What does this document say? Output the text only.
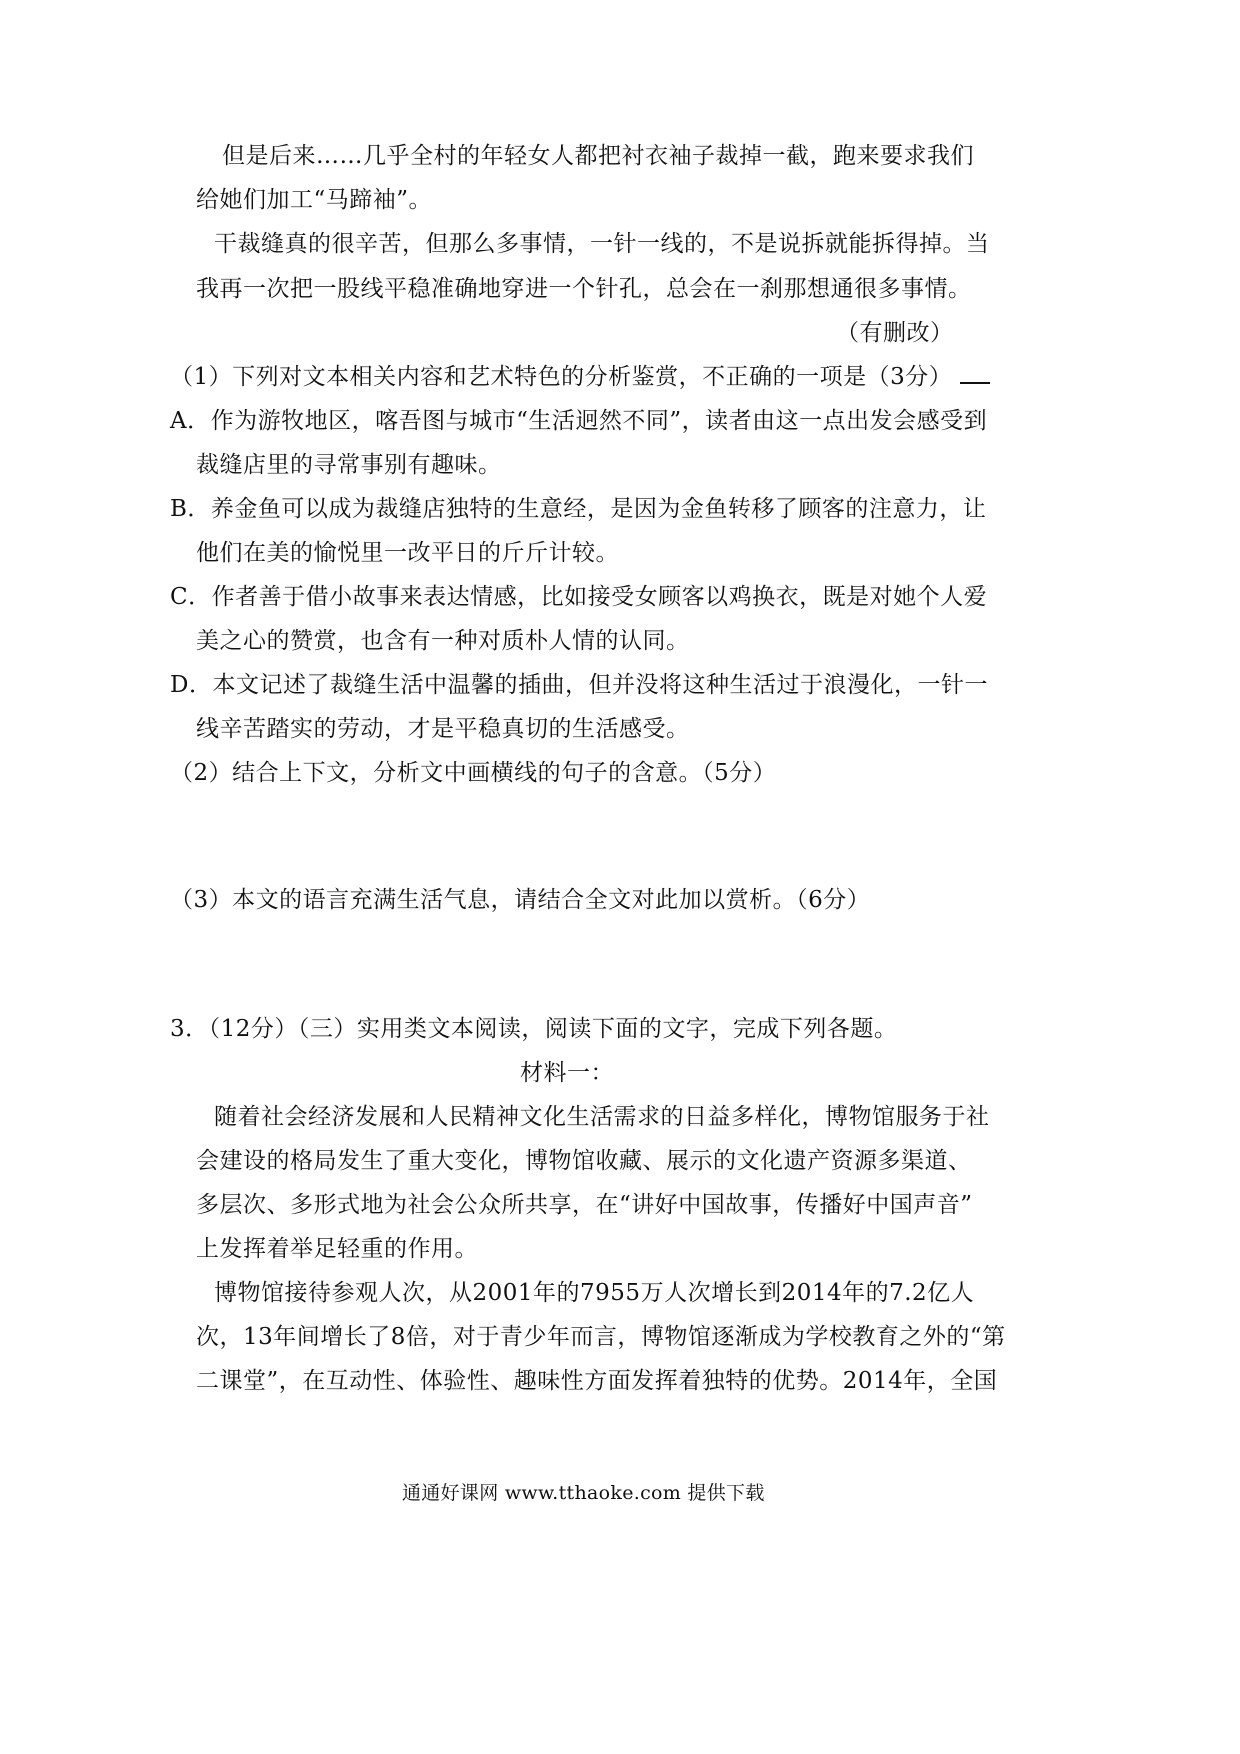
但是后来……几乎全村的年轻女人都把衬衣袖子裁掉一截，跑来要求我们
给她们加工“马蹄袖”。
干裁缝真的很辛苦，但那么多事情，一针一线的，不是说拆就能拆得掉。当
我再一次把一股线平稳准确地穿进一个针孔，总会在一刹那想通很多事情。
（有删改）
（1）下列对文本相关内容和艺术特色的分析鉴赏，不正确的一项是（3分）
A．作为游牧地区，喀吾图与城市“生活迥然不同”，读者由这一点出发会感受到
裁缝店里的寻常事别有趣味。
B．养金鱼可以成为裁缝店独特的生意经，是因为金鱼转移了顾客的注意力，让
他们在美的愉悦里一改平日的斤斤计较。
C．作者善于借小故事来表达情感，比如接受女顾客以鸡换衣，既是对她个人爱
美之心的赞赏，也含有一种对质朴人情的认同。
D．本文记述了裁缝生活中温馨的插曲，但并没将这种生活过于浪漫化，一针一
线辛苦踏实的劳动，才是平稳真切的生活感受。
（2）结合上下文，分析文中画横线的句子的含意。（5分）
（3）本文的语言充满生活气息，请结合全文对此加以赏析。（6分）
3．（12分）（三）实用类文本阅读，阅读下面的文字，完成下列各题。
材料一：
随着社会经济发展和人民精神文化生活需求的日益多样化，博物馆服务于社
会建设的格局发生了重大变化，博物馆收藏、展示的文化遗产资源多渠道、
多层次、多形式地为社会公众所共享，在“讲好中国故事，传播好中国声音”
上发挥着举足轻重的作用。
博物馆接待参观人次，从2001年的7955万人次增长到2014年的7.2亿人
次，13年间增长了8倍，对于青少年而言，博物馆逐渐成为学校教育之外的“第
二课堂”，在互动性、体验性、趣味性方面发挥着独特的优势。2014年，全国
通通好课网 www.tthaoke.com 提供下载
